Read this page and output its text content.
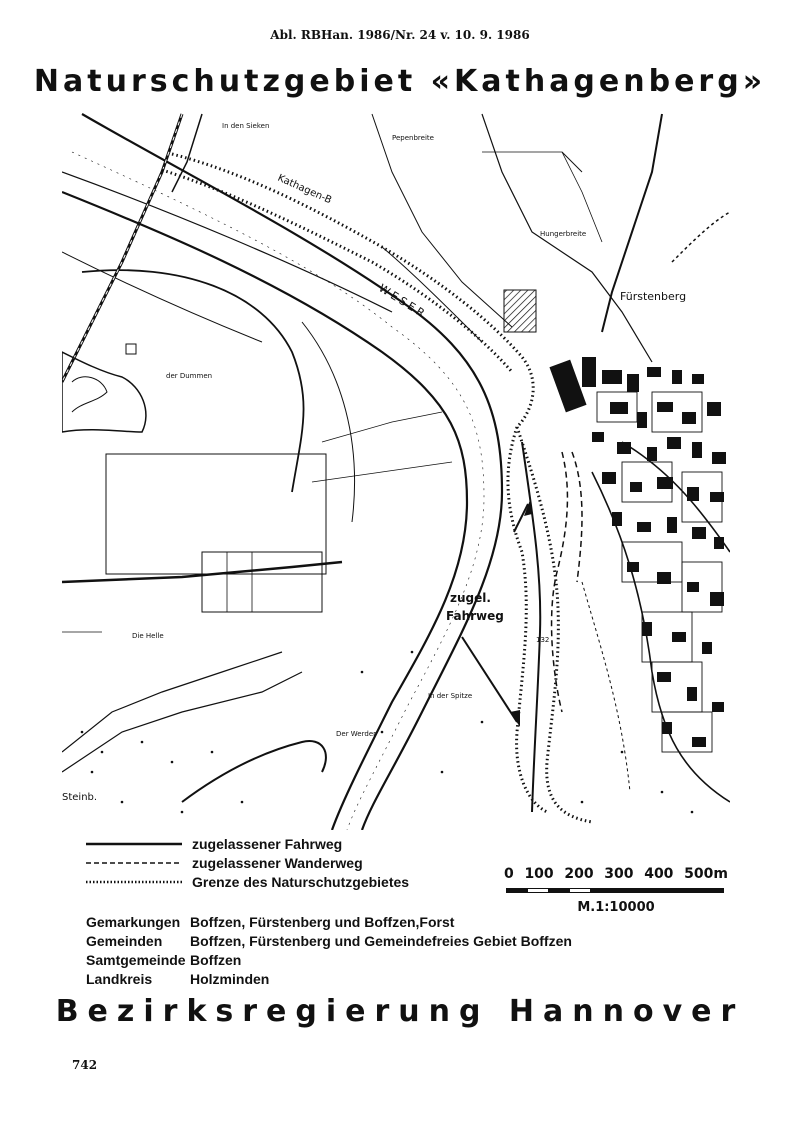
Abl. RBHan. 1986/Nr. 24 v. 10. 9. 1986
Naturschutzgebiet «Kathagenberg»
In den Sieken
Pepenbreite
Kathagen-B
Hungerbreite
Fürstenberg
WESER
der Dummen
Die Helle
In der Spitze
Der Werder
Steinb.
zugel.
Fahrweg
132
zugelassener Fahrweg
zugelassener Wanderweg
Grenze des Naturschutzgebietes	0 100 200 300 400 500m
M.1:10000
Gemarkungen Boffzen, Fürstenberg und Boffzen,Forst
Gemeinden	Boffzen, Fürstenberg und Gemeindefreies Gebiet Boffzen
Samtgemeinde Boffzen
Landkreis	Holzminden
Bezirksregierung Hannover
742
